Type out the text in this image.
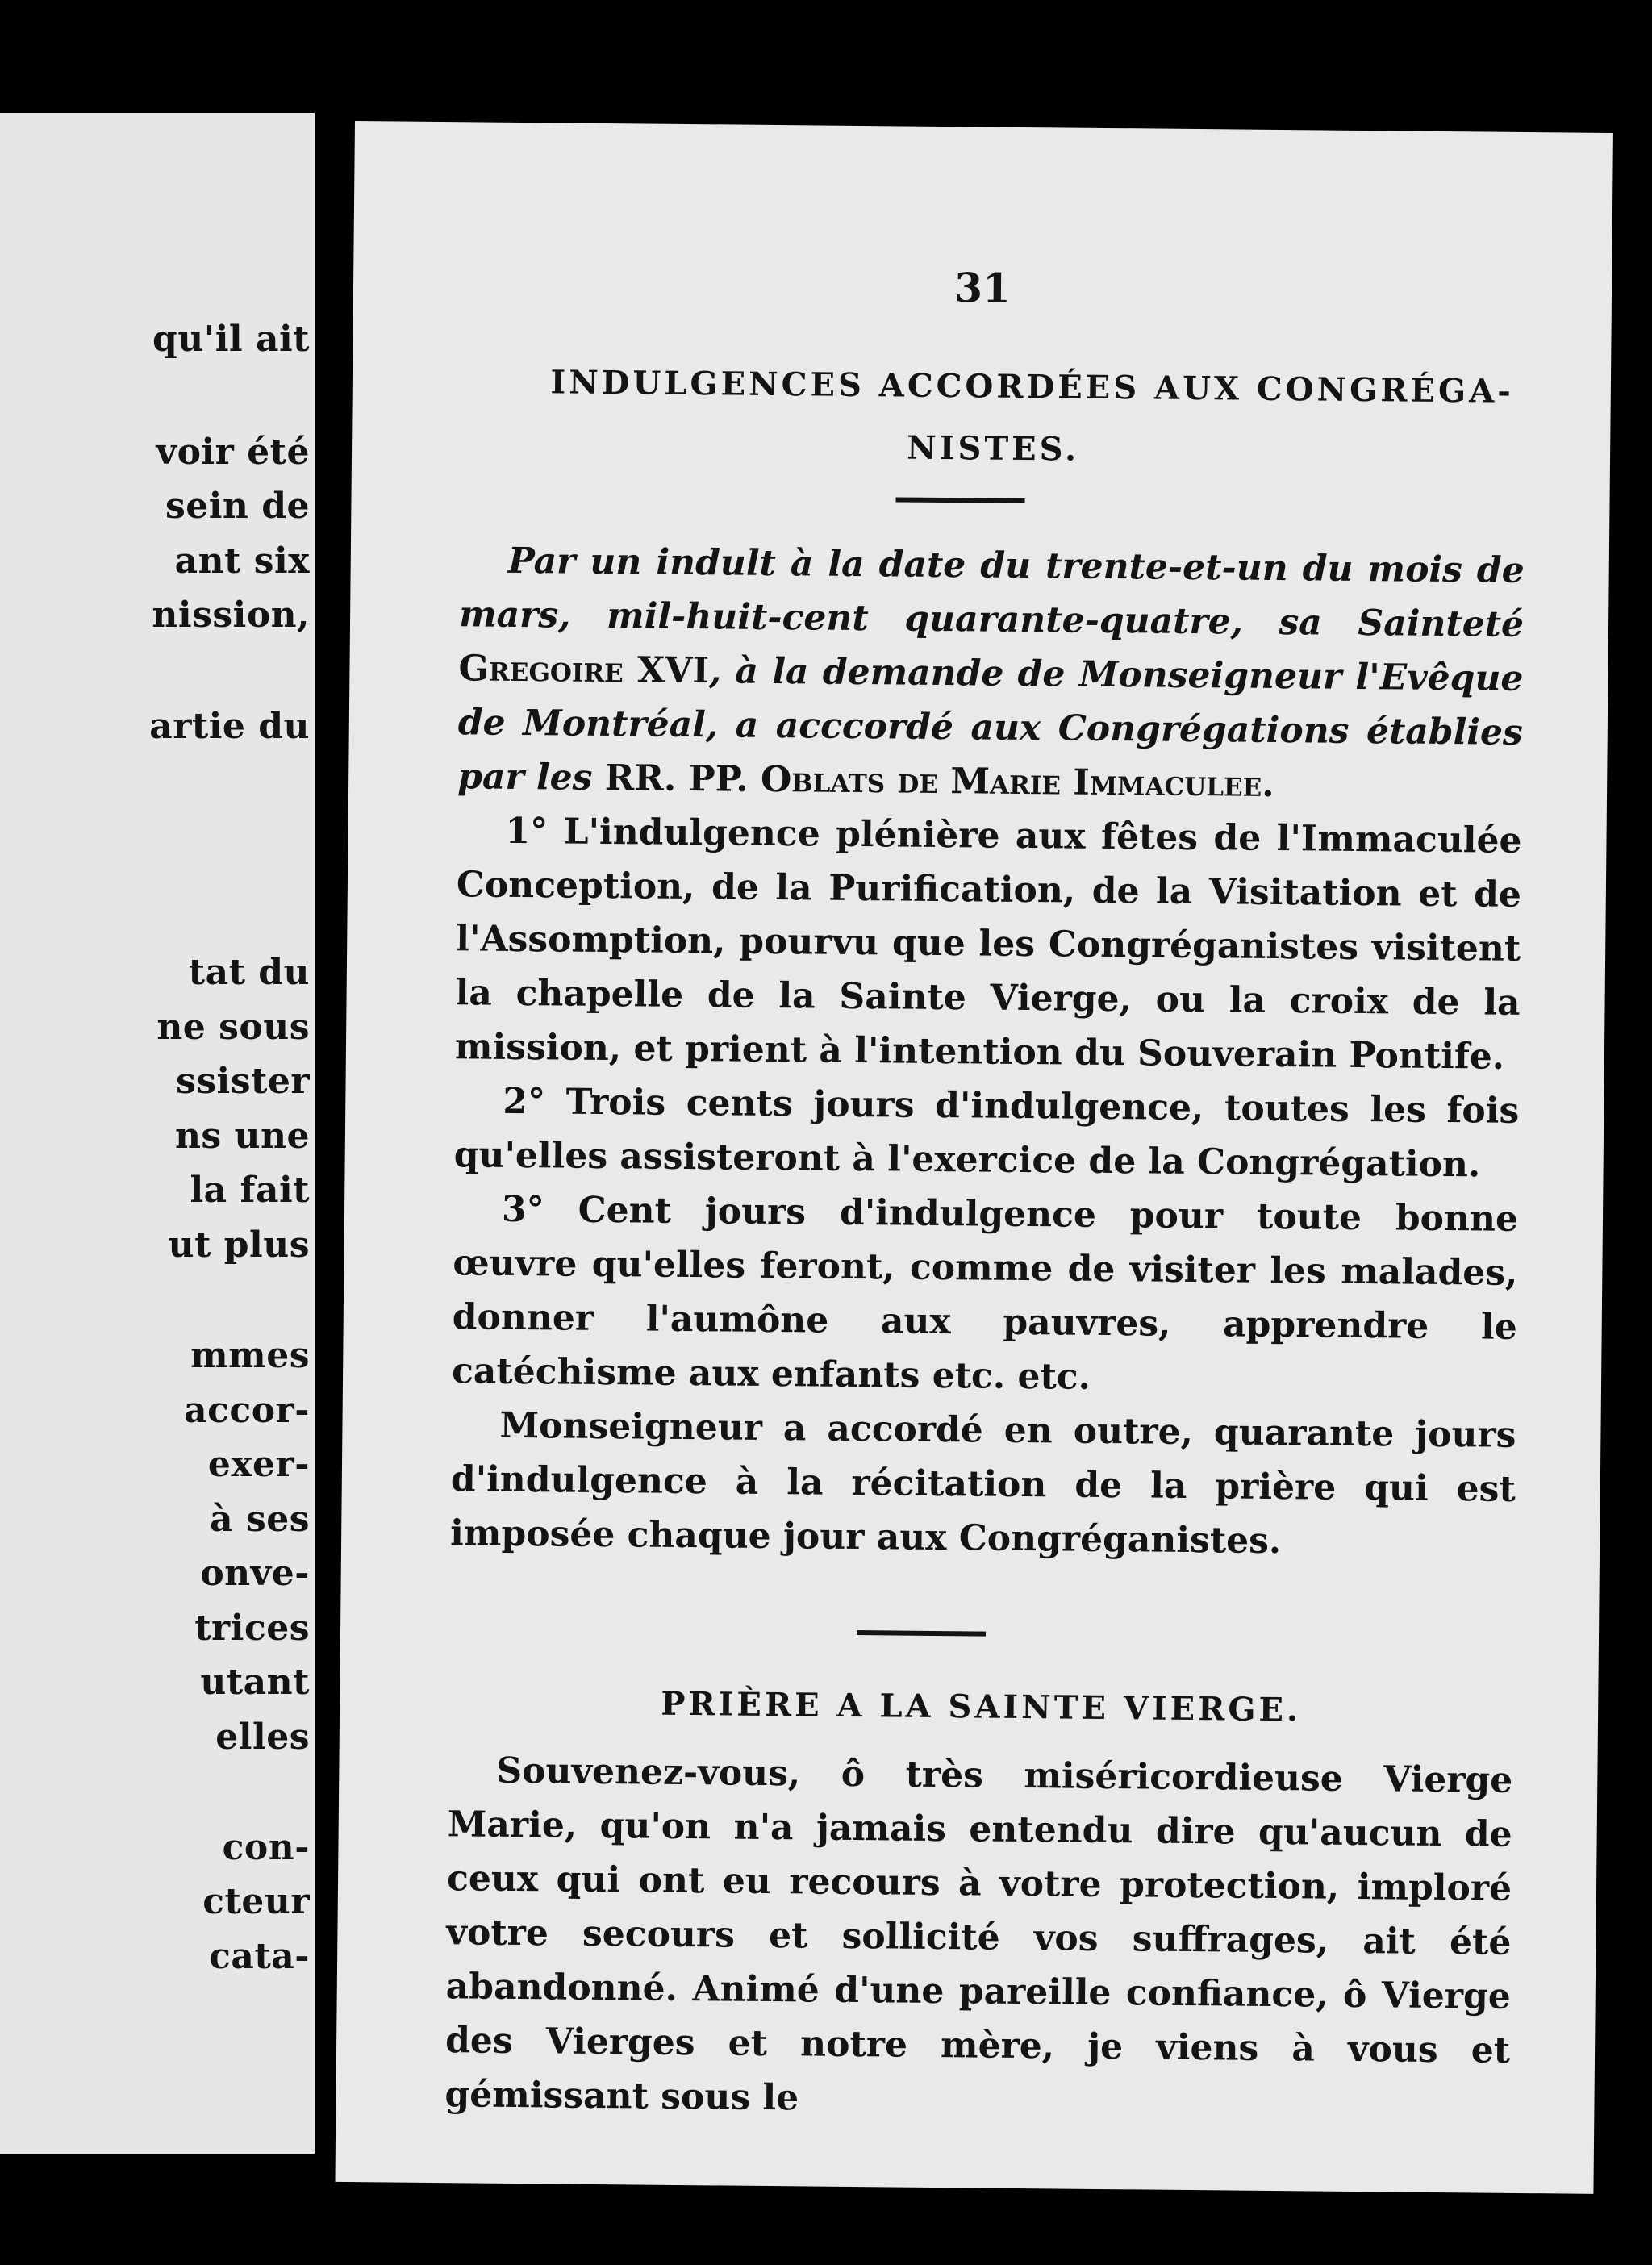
qu'il ait
voir été
sein de
ant six
nission,
artie du
tat du
ne sous
ssister
ns une
la fait
ut plus
mmes
accor-
exer-
à ses
onve-
trices
utant
elles
con-
cteur
cata-
31
INDULGENCES ACCORDÉES AUX CONGRÉGA-
NISTES.

Par un indult à la date du trente-et-un du mois de mars, mil-huit-cent quarante-quatre, sa Sainteté Gregoire XVI, à la demande de Monseigneur l'Evêque de Montréal, a acccordé aux Congrégations établies par les RR. PP. Oblats de Marie Immaculee.

1° L'indulgence plénière aux fêtes de l'Immaculée Conception, de la Purification, de la Visitation et de l'Assomption, pourvu que les Congréganistes visitent la chapelle de la Sainte Vierge, ou la croix de la mission, et prient à l'intention du Souverain Pontife.

2° Trois cents jours d'indulgence, toutes les fois qu'elles assisteront à l'exercice de la Congrégation.

3° Cent jours d'indulgence pour toute bonne œuvre qu'elles feront, comme de visiter les malades, donner l'aumône aux pauvres, apprendre le catéchisme aux enfants etc. etc.

Monseigneur a accordé en outre, quarante jours d'indulgence à la récitation de la prière qui est imposée chaque jour aux Congréganistes.

PRIÈRE A LA SAINTE VIERGE.

Souvenez-vous, ô très miséricordieuse Vierge Marie, qu'on n'a jamais entendu dire qu'aucun de ceux qui ont eu recours à votre protection, imploré votre secours et sollicité vos suffrages, ait été abandonné. Animé d'une pareille confiance, ô Vierge des Vierges et notre mère, je viens à vous et gémissant sous le
